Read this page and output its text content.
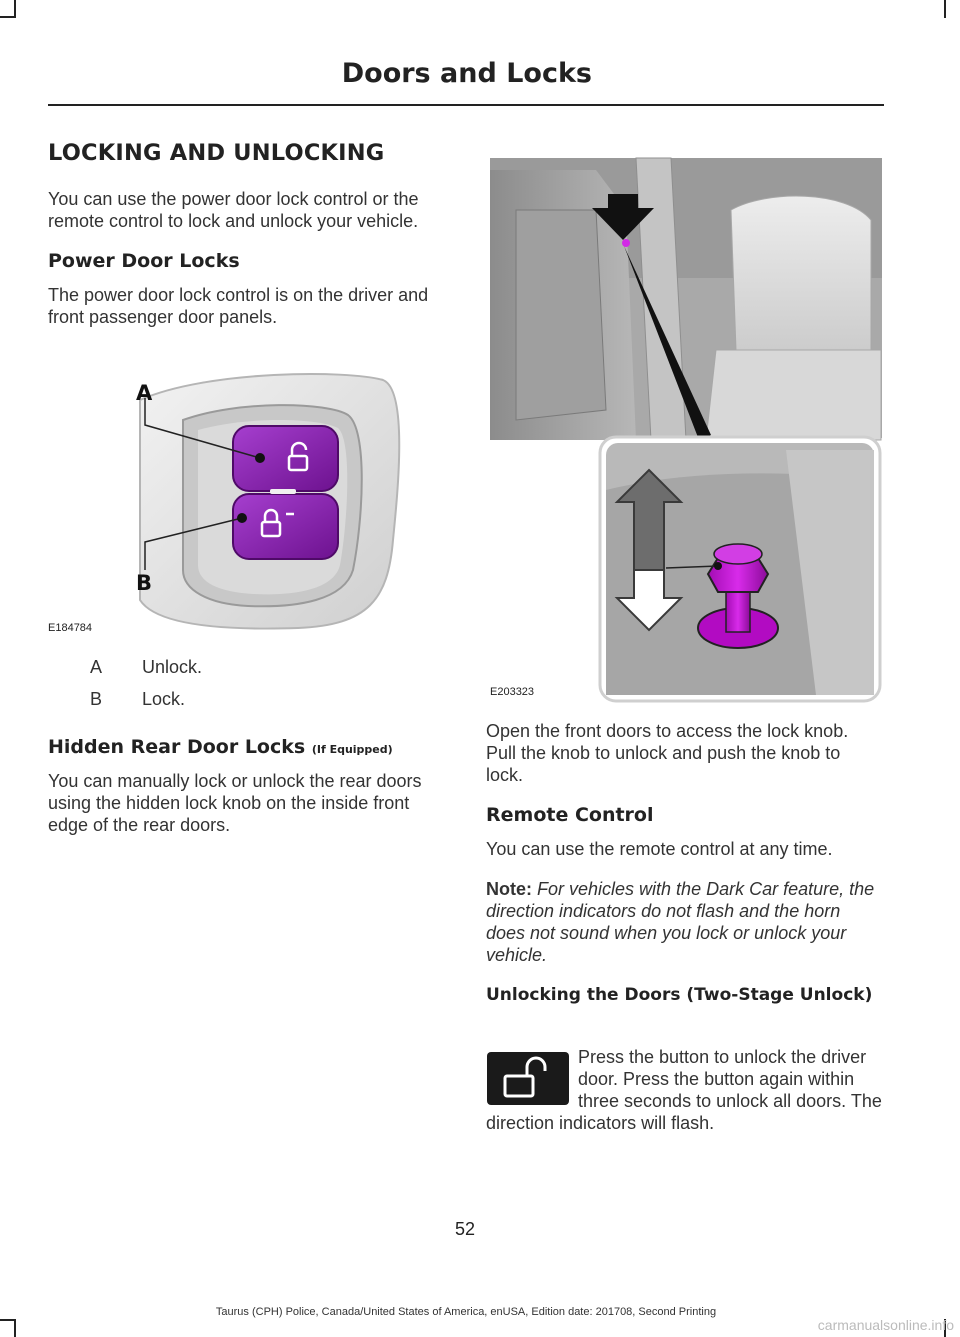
Doors and Locks
LOCKING AND UNLOCKING

You can use the power door lock control or the remote control to lock and unlock your vehicle.

Power Door Locks

The power door lock control is on the driver and front passenger door panels.

A
B
E184784
A	Unlock.
B	Lock.
Hidden Rear Door Locks (If Equipped)

You can manually lock or unlock the rear doors using the hidden lock knob on the inside front edge of the rear doors.

E203323

Open the front doors to access the lock knob. Pull the knob to unlock and push the knob to lock.

Remote Control

You can use the remote control at any time.

Note: For vehicles with the Dark Car feature, the direction indicators do not flash and the horn does not sound when you lock or unlock your vehicle.

Unlocking the Doors (Two-Stage Unlock)

Press the button to unlock the driver door. Press the button again within three seconds to unlock all doors. The direction indicators will flash.

52
Taurus (CPH) Police, Canada/United States of America, enUSA, Edition date: 201708, Second Printing
carmanualsonline.info
